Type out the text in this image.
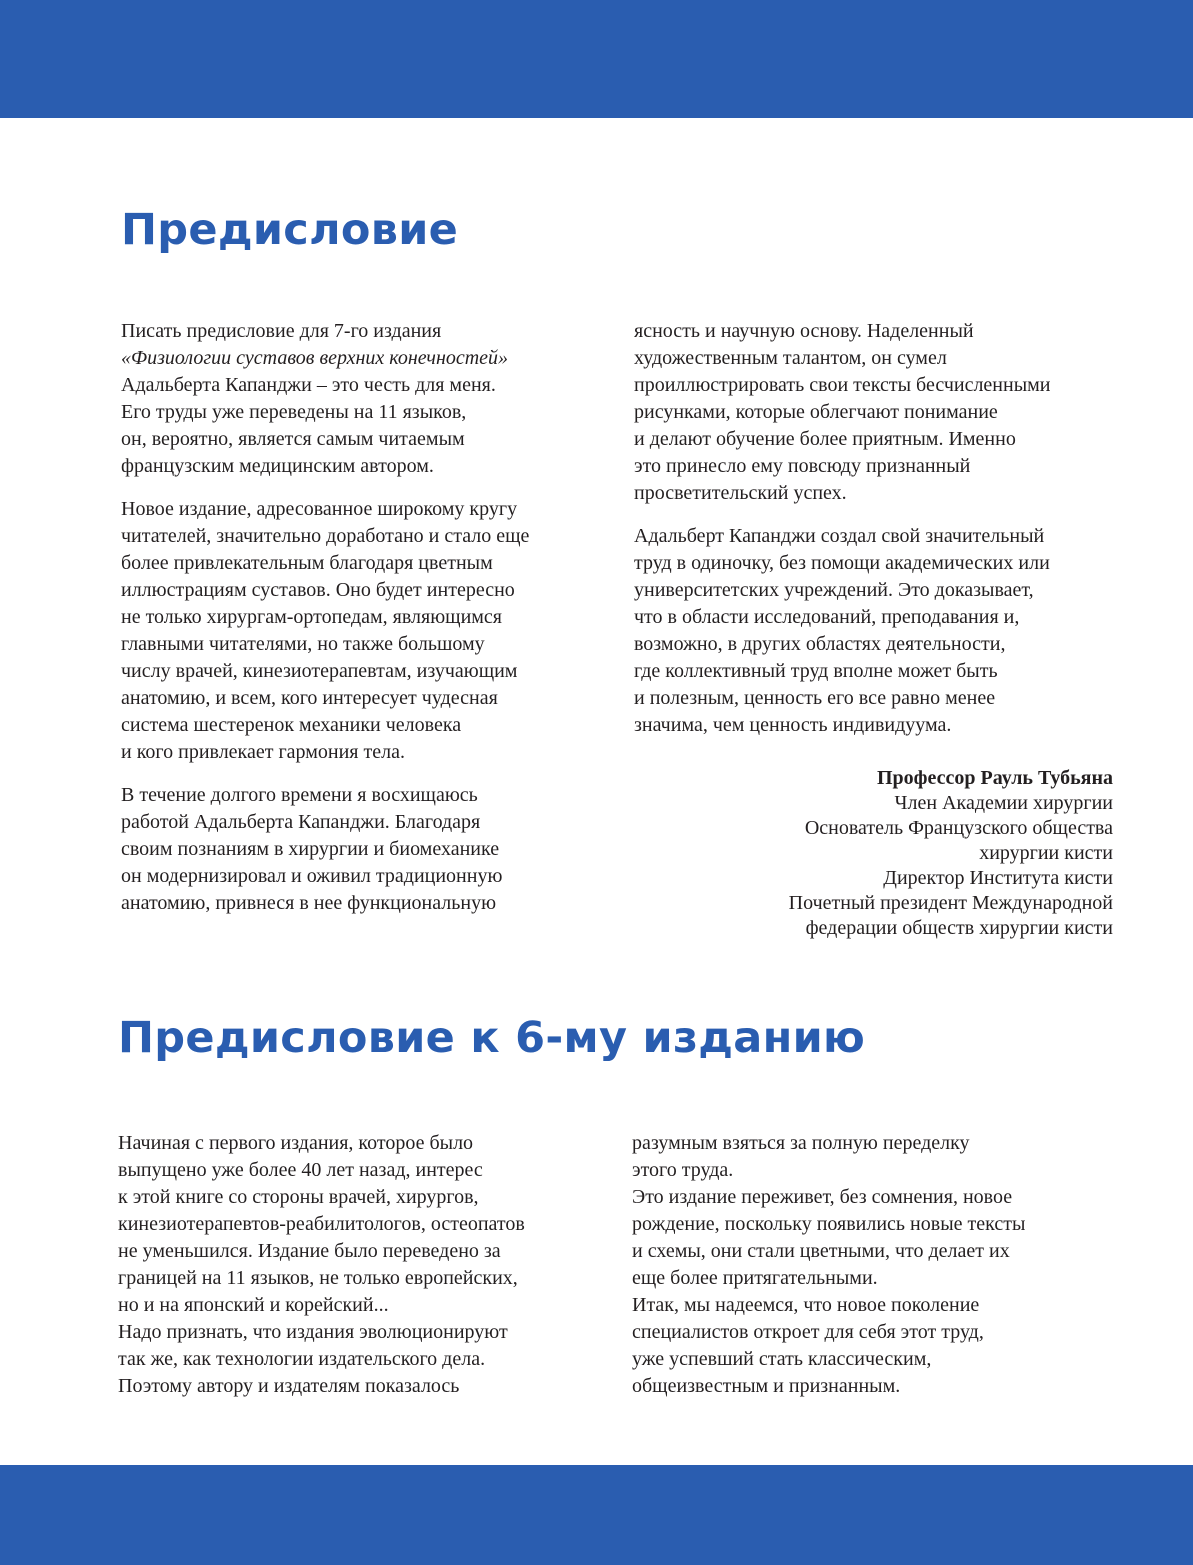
Предисловие

Писать предисловие для 7-го издания
«Физиологии суставов верхних конечностей»
Адальберта Капанджи – это честь для меня.
Его труды уже переведены на 11 языков,
он, вероятно, является самым читаемым
французским медицинским автором.

Новое издание, адресованное широкому кругу
читателей, значительно доработано и стало еще
более привлекательным благодаря цветным
иллюстрациям суставов. Оно будет интересно
не только хирургам-ортопедам, являющимся
главными читателями, но также большому
числу врачей, кинезиотерапевтам, изучающим
анатомию, и всем, кого интересует чудесная
система шестеренок механики человека
и кого привлекает гармония тела.

В течение долгого времени я восхищаюсь
работой Адальберта Капанджи. Благодаря
своим познаниям в хирургии и биомеханике
он модернизировал и оживил традиционную
анатомию, привнеся в нее функциональную

ясность и научную основу. Наделенный
художественным талантом, он сумел
проиллюстрировать свои тексты бесчисленными
рисунками, которые облегчают понимание
и делают обучение более приятным. Именно
это принесло ему повсюду признанный
просветительский успех.

Адальберт Капанджи создал свой значительный
труд в одиночку, без помощи академических или
университетских учреждений. Это доказывает,
что в области исследований, преподавания и,
возможно, в других областях деятельности,
где коллективный труд вполне может быть
и полезным, ценность его все равно менее
значима, чем ценность индивидуума.

Профессор Рауль Тубьяна
Член Академии хирургии
Основатель Французского общества
хирургии кисти
Директор Института кисти
Почетный президент Международной
федерации обществ хирургии кисти
Предисловие к 6-му изданию

Начиная с первого издания, которое было
выпущено уже более 40 лет назад, интерес
к этой книге со стороны врачей, хирургов,
кинезиотерапевтов-реабилитологов, остеопатов
не уменьшился. Издание было переведено за
границей на 11 языков, не только европейских,
но и на японский и корейский...
Надо признать, что издания эволюционируют
так же, как технологии издательского дела.
Поэтому автору и издателям показалось

разумным взяться за полную переделку
этого труда.
Это издание переживет, без сомнения, новое
рождение, поскольку появились новые тексты
и схемы, они стали цветными, что делает их
еще более притягательными.
Итак, мы надеемся, что новое поколение
специалистов откроет для себя этот труд,
уже успевший стать классическим,
общеизвестным и признанным.
